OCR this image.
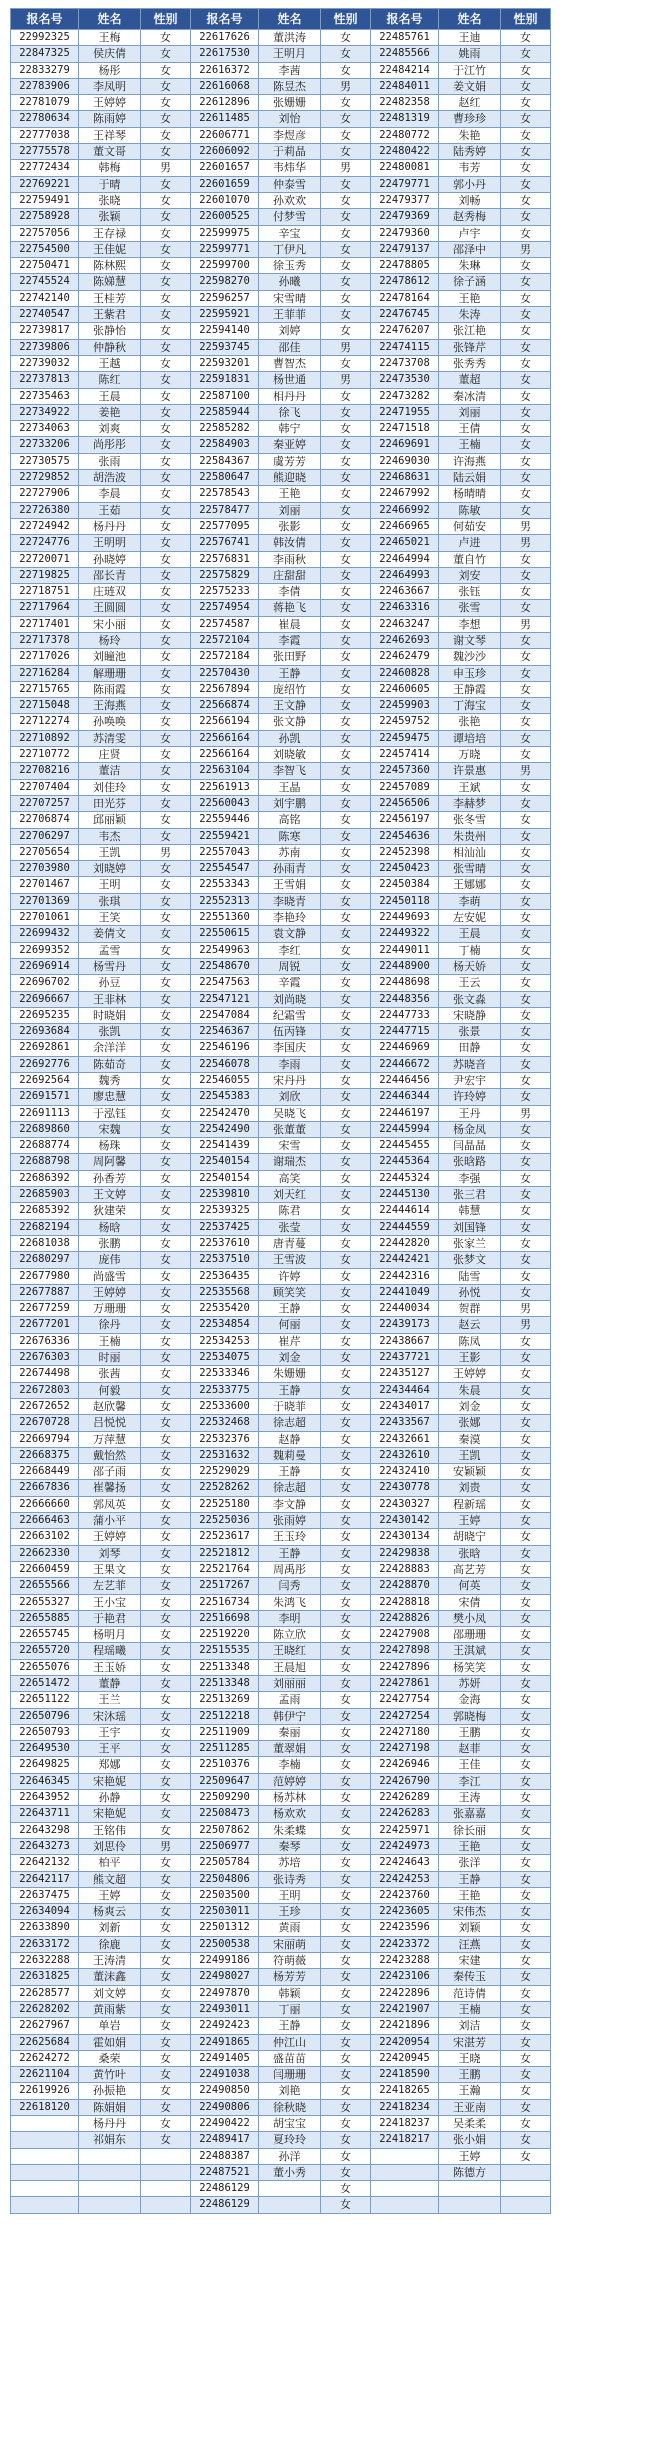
报名号	姓名	性别	报名号	姓名	性别	报名号	姓名	性别
22992325	王梅	女	22617626	董洪涛	女	22485761	王迪	女
22847325	侯庆倩	女	22617530	王明月	女	22485566	姚雨	女
22833279	杨彤	女	22616372	李茜	女	22484214	于江竹	女
22783906	李凤明	女	22616068	陈昱杰	男	22484011	姜文娟	女
22781079	王婷婷	女	22612896	张姗姗	女	22482358	赵红	女
22780634	陈雨婷	女	22611485	刘怡	女	22481319	曹珍珍	女
22777038	王祥琴	女	22606771	李煜彦	女	22480772	朱艳	女
22775578	董文哥	女	22606092	于莉晶	女	22480422	陆秀婷	女
22772434	韩梅	男	22601657	韦炜华	男	22480081	韦芳	女
22769221	于晴	女	22601659	仲泰雪	女	22479771	郭小丹	女
22759491	张晓	女	22601070	孙欢欢	女	22479377	刘畅	女
22758928	张颖	女	22600525	付梦雪	女	22479369	赵秀梅	女
22757056	王存禄	女	22599975	辛宝	女	22479360	卢宇	女
22754500	王佳妮	女	22599771	丁伊凡	女	22479137	邵泽中	男
22750471	陈林熙	女	22599700	徐玉秀	女	22478805	朱琳	女
22745524	陈娣慧	女	22598270	孙曦	女	22478612	徐子涵	女
22742140	王桂芳	女	22596257	宋雪晴	女	22478164	王艳	女
22740547	王紫君	女	22595921	王菲菲	女	22476745	朱涛	女
22739817	张静怡	女	22594140	刘婷	女	22476207	张江艳	女
22739806	仲静秋	女	22593745	邵佳	男	22474115	张锋芹	女
22739032	王越	女	22593201	曹智杰	女	22473708	张秀秀	女
22737813	陈红	女	22591831	杨世通	男	22473530	董超	女
22735463	王晨	女	22587100	相丹丹	女	22473282	秦冰清	女
22734922	姜艳	女	22585944	徐飞	女	22471955	刘丽	女
22734063	刘爽	女	22585282	韩宁	女	22471518	王倩	女
22733206	尚彤彤	女	22584903	秦亚婷	女	22469691	王楠	女
22730575	张雨	女	22584367	虞芳芳	女	22469030	许海燕	女
22729852	胡浩波	女	22580647	熊迎晓	女	22468631	陆云娟	女
22727906	李晨	女	22578543	王艳	女	22467992	杨晴晴	女
22726380	王茹	女	22578477	刘丽	女	22466992	陈敏	女
22724942	杨丹丹	女	22577095	张影	女	22466965	何茹安	男
22724776	王明明	女	22576741	韩汝倩	女	22465021	卢进	男
22720071	孙晓婷	女	22576831	李雨秋	女	22464994	董自竹	女
22719825	邵长青	女	22575829	庄甜甜	女	22464993	刘安	女
22718751	庄琏双	女	22575233	李倩	女	22463667	张钰	女
22717964	王圆圆	女	22574954	蒋艳飞	女	22463316	张雪	女
22717401	宋小丽	女	22574587	崔晨	女	22463247	李想	男
22717378	杨玲	女	22572104	李霞	女	22462693	谢文琴	女
22717026	刘瞳池	女	22572184	张田野	女	22462479	魏沙沙	女
22716284	解珊珊	女	22570430	王静	女	22460828	申玉珍	女
22715765	陈雨霞	女	22567894	庞绍竹	女	22460605	王静霞	女
22715048	王海燕	女	22566874	王文静	女	22459903	丁海宝	女
22712274	孙唤唤	女	22566194	张文静	女	22459752	张艳	女
22710892	苏清雯	女	22566164	孙凯	女	22459475	谭培培	女
22710772	庄贤	女	22566164	刘晓敏	女	22457414	万晓	女
22708216	董洁	女	22563104	李智飞	女	22457360	许景惠	男
22707404	刘佳玲	女	22561913	王晶	女	22457089	王斌	女
22707257	田光芬	女	22560043	刘宇鹏	女	22456506	李赫梦	女
22706874	邱丽颖	女	22559446	高铭	女	22456197	张冬雪	女
22706297	韦杰	女	22559421	陈寒	女	22454636	朱贵州	女
22705654	王凯	男	22557043	苏南	女	22452398	相汕汕	女
22703980	刘晓婷	女	22554547	孙雨青	女	22450423	张雪晴	女
22701467	王明	女	22553343	王雪娟	女	22450384	王娜娜	女
22701369	张琪	女	22552313	李晓青	女	22450118	李萌	女
22701061	王笑	女	22551360	李艳玲	女	22449693	左安妮	女
22699432	姜倩文	女	22550615	袁文静	女	22449322	王晨	女
22699352	孟雪	女	22549963	李红	女	22449011	丁楠	女
22696914	杨雪丹	女	22548670	周锐	女	22448900	杨天娇	女
22696702	孙豆	女	22547563	辛霞	女	22448698	王云	女
22696667	王非林	女	22547121	刘尚晓	女	22448356	张文淼	女
22695235	时晓娟	女	22547084	纪霜雪	女	22447733	宋晓静	女
22693684	张凯	女	22546367	伍丙锋	女	22447715	张景	女
22692861	余洋洋	女	22546196	李国庆	女	22446969	田静	女
22692776	陈茹奇	女	22546078	李雨	女	22446672	苏晓音	女
22692564	魏秀	女	22546055	宋丹丹	女	22446456	尹宏宇	女
22691571	廖忠慧	女	22545383	刘欣	女	22446344	许玲婷	女
22691113	于泓钰	女	22542470	吴晓飞	女	22446197	王丹	男
22689860	宋魏	女	22542490	张董董	女	22445994	杨金凤	女
22688774	杨珠	女	22541439	宋雪	女	22445455	闫晶晶	女
22688798	周阿馨	女	22540154	谢瑞杰	女	22445364	张晗路	女
22686392	孙香芳	女	22540154	高笑	女	22445324	李强	女
22685903	王文婷	女	22539810	刘天红	女	22445130	张三君	女
22685392	狄建荣	女	22539325	陈君	女	22444614	韩慧	女
22682194	杨晗	女	22537425	张莹	女	22444559	刘国锋	女
22681038	张鹏	女	22537610	唐青蔓	女	22442820	张家兰	女
22680297	庞伟	女	22537510	王雪波	女	22442421	张梦文	女
22677980	尚盛雪	女	22536435	许婷	女	22442316	陆雪	女
22677887	王婷婷	女	22535568	顾笑笑	女	22441049	孙悦	女
22677259	万珊珊	女	22535420	王静	女	22440034	贺群	男
22677201	徐丹	女	22534854	何丽	女	22439173	赵云	男
22676336	王楠	女	22534253	崔芹	女	22438667	陈凤	女
22676303	时丽	女	22534075	刘金	女	22437721	王影	女
22674498	张茜	女	22533346	朱姗姗	女	22435127	王婷婷	女
22672803	何毅	女	22533775	王静	女	22434464	朱晨	女
22672652	赵欣馨	女	22533600	于晓菲	女	22434017	刘金	女
22670728	吕悦悦	女	22532468	徐志超	女	22433567	张娜	女
22669794	万萍慧	女	22532376	赵静	女	22432661	秦漠	女
22668375	戴怡然	女	22531632	魏莉曼	女	22432610	王凯	女
22668449	邵子雨	女	22529029	王静	女	22432410	安颖颖	女
22667836	崔馨扬	女	22528262	徐志超	女	22430778	刘贵	女
22666660	郭凤英	女	22525180	李文静	女	22430327	程新瑶	女
22666463	蒲小平	女	22525036	张雨婷	女	22430142	王婷	女
22663102	王婷婷	女	22523617	王玉玲	女	22430134	胡晓宁	女
22662330	刘琴	女	22521812	王静	女	22429838	张晗	女
22660459	王果文	女	22521764	周禹彤	女	22428883	高艺芳	女
22655566	左艺菲	女	22517267	闫秀	女	22428870	何英	女
22655327	王小宝	女	22516734	朱鸿飞	女	22428818	宋倩	女
22655885	于艳君	女	22516698	李明	女	22428826	樊小凤	女
22655745	杨明月	女	22519220	陈立欣	女	22427908	邵珊珊	女
22655720	程瑶曦	女	22515535	王晓红	女	22427898	王淇斌	女
22655076	王玉娇	女	22513348	王晨旭	女	22427896	杨笑笑	女
22651472	董静	女	22513348	刘丽丽	女	22427861	苏妍	女
22651122	王兰	女	22513269	孟雨	女	22427754	金海	女
22650796	宋沐瑶	女	22512218	韩伊宁	女	22427254	郭晓梅	女
22650793	王宇	女	22511909	秦丽	女	22427180	王鹏	女
22649530	王平	女	22511285	董翠娟	女	22427198	赵菲	女
22649825	郑娜	女	22510376	李楠	女	22426946	王佳	女
22646345	宋艳妮	女	22509647	范婷婷	女	22426790	李江	女
22643952	孙静	女	22509290	杨苏林	女	22426289	王涛	女
22643711	宋艳妮	女	22508473	杨欢欢	女	22426283	张嘉嘉	女
22643298	王铭伟	女	22507862	朱柔蝶	女	22425971	徐长丽	女
22643273	刘思伶	男	22506977	秦琴	女	22424973	王艳	女
22642132	柏平	女	22505784	苏培	女	22424643	张洋	女
22642117	熊文超	女	22504806	张诗秀	女	22424253	王静	女
22637475	王婷	女	22503500	王明	女	22423760	王艳	女
22634094	杨爽云	女	22503011	王珍	女	22423605	宋伟杰	女
22633890	刘新	女	22501312	黄雨	女	22423596	刘颖	女
22633172	徐鹿	女	22500538	宋丽萌	女	22423372	汪燕	女
22632288	王涛清	女	22499186	符萌薇	女	22423288	宋建	女
22631825	董沫鑫	女	22498027	杨芳芳	女	22423106	秦传玉	女
22628577	刘文婷	女	22497870	韩颖	女	22422896	范诗倩	女
22628202	黄雨紫	女	22493011	丁丽	女	22421907	王楠	女
22627967	单岩	女	22492423	王静	女	22421896	刘洁	女
22625684	霍如娟	女	22491865	仲江山	女	22420954	宋湛芳	女
22624272	桑荣	女	22491405	盛苗苗	女	22420945	王晓	女
22621104	黄竹叶	女	22491038	闫珊珊	女	22418590	王鹏	女
22619926	孙振艳	女	22490850	刘艳	女	22418265	王瀚	女
22618120	陈娟娟	女	22490806	徐秋晓	女	22418234	王亚南	女
	杨丹丹	女	22490422	胡宝宝	女	22418237	吴柔柔	女
	祁娟东	女	22489417	夏玲玲	女	22418217	张小娟	女
			22488387	孙洋	女		王婷	女
			22487521	董小秀	女		陈德方	
			22486129		女			
			22486129		女			
